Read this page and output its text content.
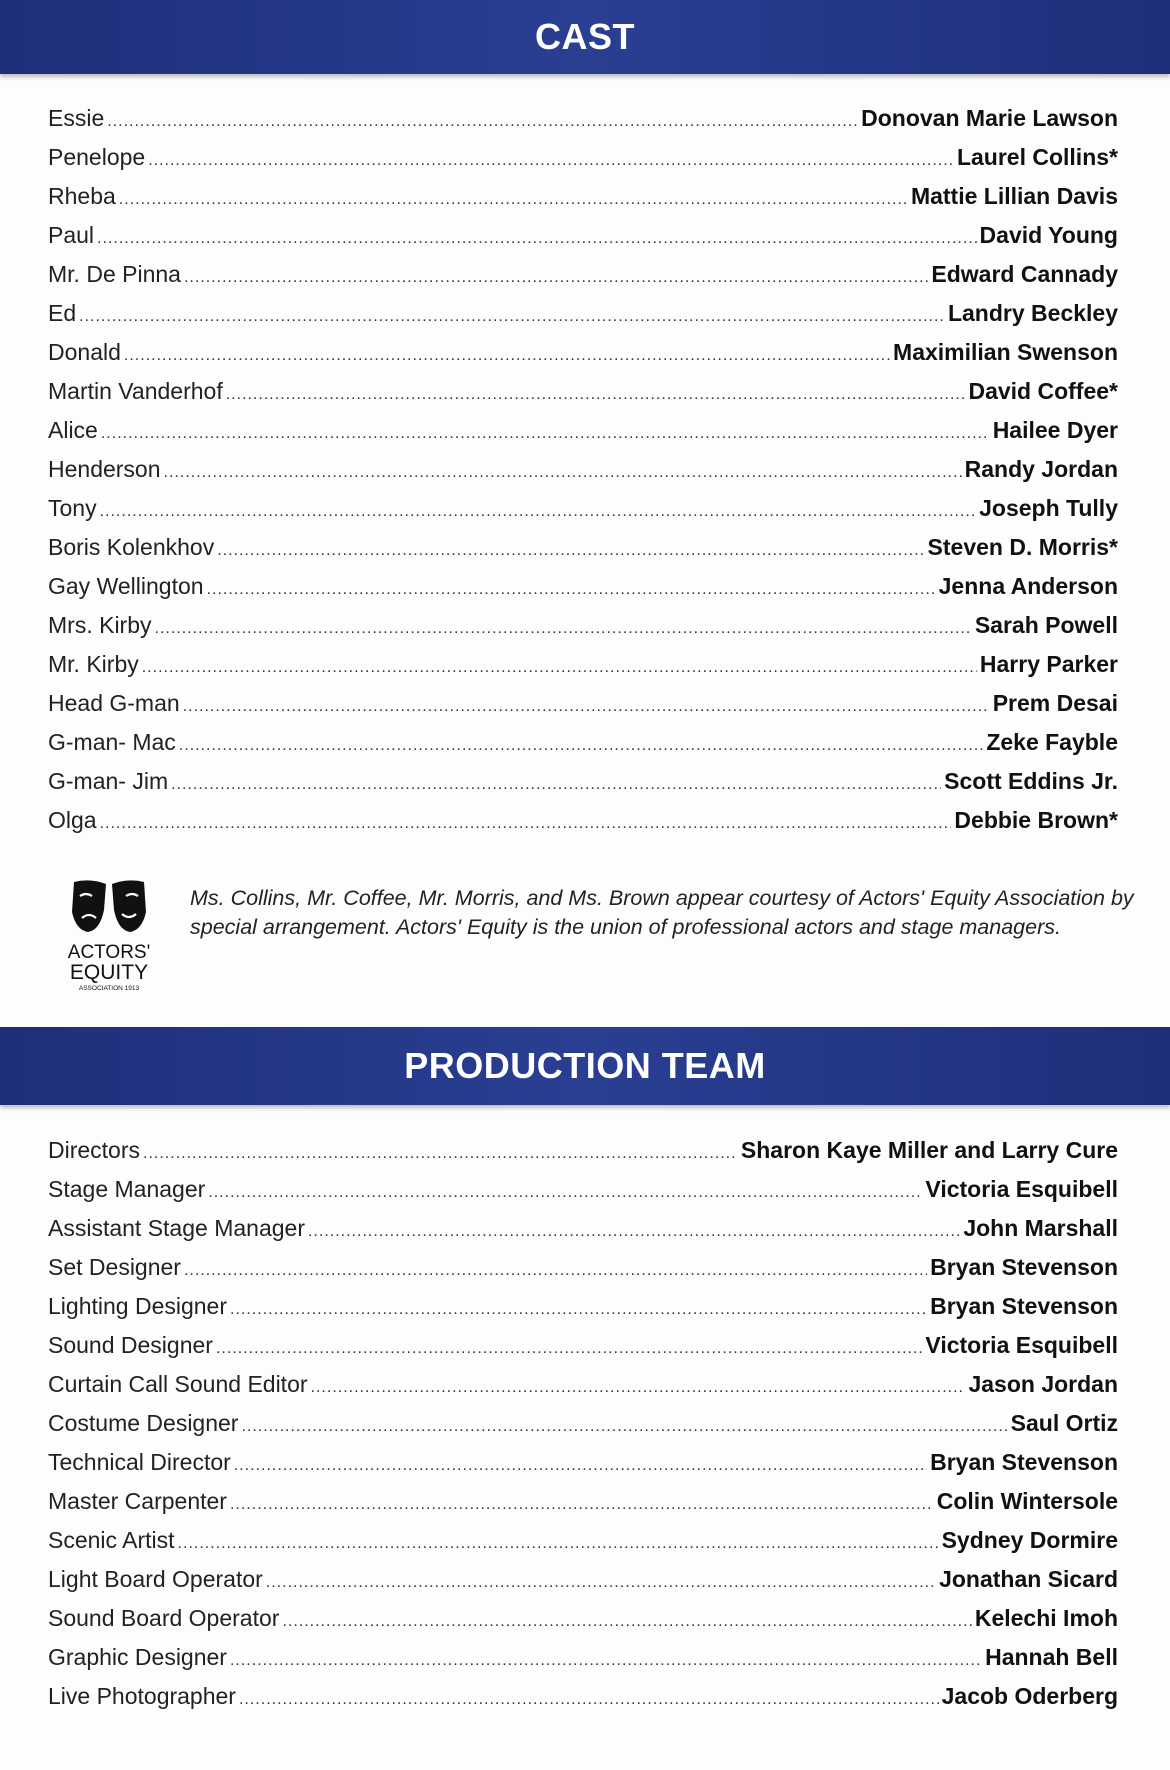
CAST
Essie .....	Donovan Marie Lawson
Penelope .....	Laurel Collins*
Rheba .....	Mattie Lillian Davis
Paul .....	David Young
Mr. De Pinna .....	Edward Cannady
Ed .....	Landry Beckley
Donald .....	Maximilian Swenson
Martin Vanderhof .....	David Coffee*
Alice .....	Hailee Dyer
Henderson .....	Randy Jordan
Tony .....	Joseph Tully
Boris Kolenkhov .....	Steven D. Morris*
Gay Wellington .....	Jenna Anderson
Mrs. Kirby .....	Sarah Powell
Mr. Kirby .....	Harry Parker
Head G-man .....	Prem Desai
G-man- Mac .....	Zeke Fayble
G-man- Jim .....	Scott Eddins Jr.
Olga .....	Debbie Brown*
ACTORS'
EQUITY
ASSOCIATION 1913

Ms. Collins, Mr. Coffee, Mr. Morris, and Ms. Brown appear courtesy of Actors' Equity Association by special arrangement. Actors' Equity is the union of professional actors and stage managers.

PRODUCTION TEAM
Directors .....	Sharon Kaye Miller and Larry Cure
Stage Manager .....	Victoria Esquibell
Assistant Stage Manager .....	John Marshall
Set Designer .....	Bryan Stevenson
Lighting Designer .....	Bryan Stevenson
Sound Designer .....	Victoria Esquibell
Curtain Call Sound Editor .....	Jason Jordan
Costume Designer .....	Saul Ortiz
Technical Director .....	Bryan Stevenson
Master Carpenter .....	Colin Wintersole
Scenic Artist .....	Sydney Dormire
Light Board Operator .....	Jonathan Sicard
Sound Board Operator .....	Kelechi Imoh
Graphic Designer .....	Hannah Bell
Live Photographer .....	Jacob Oderberg
